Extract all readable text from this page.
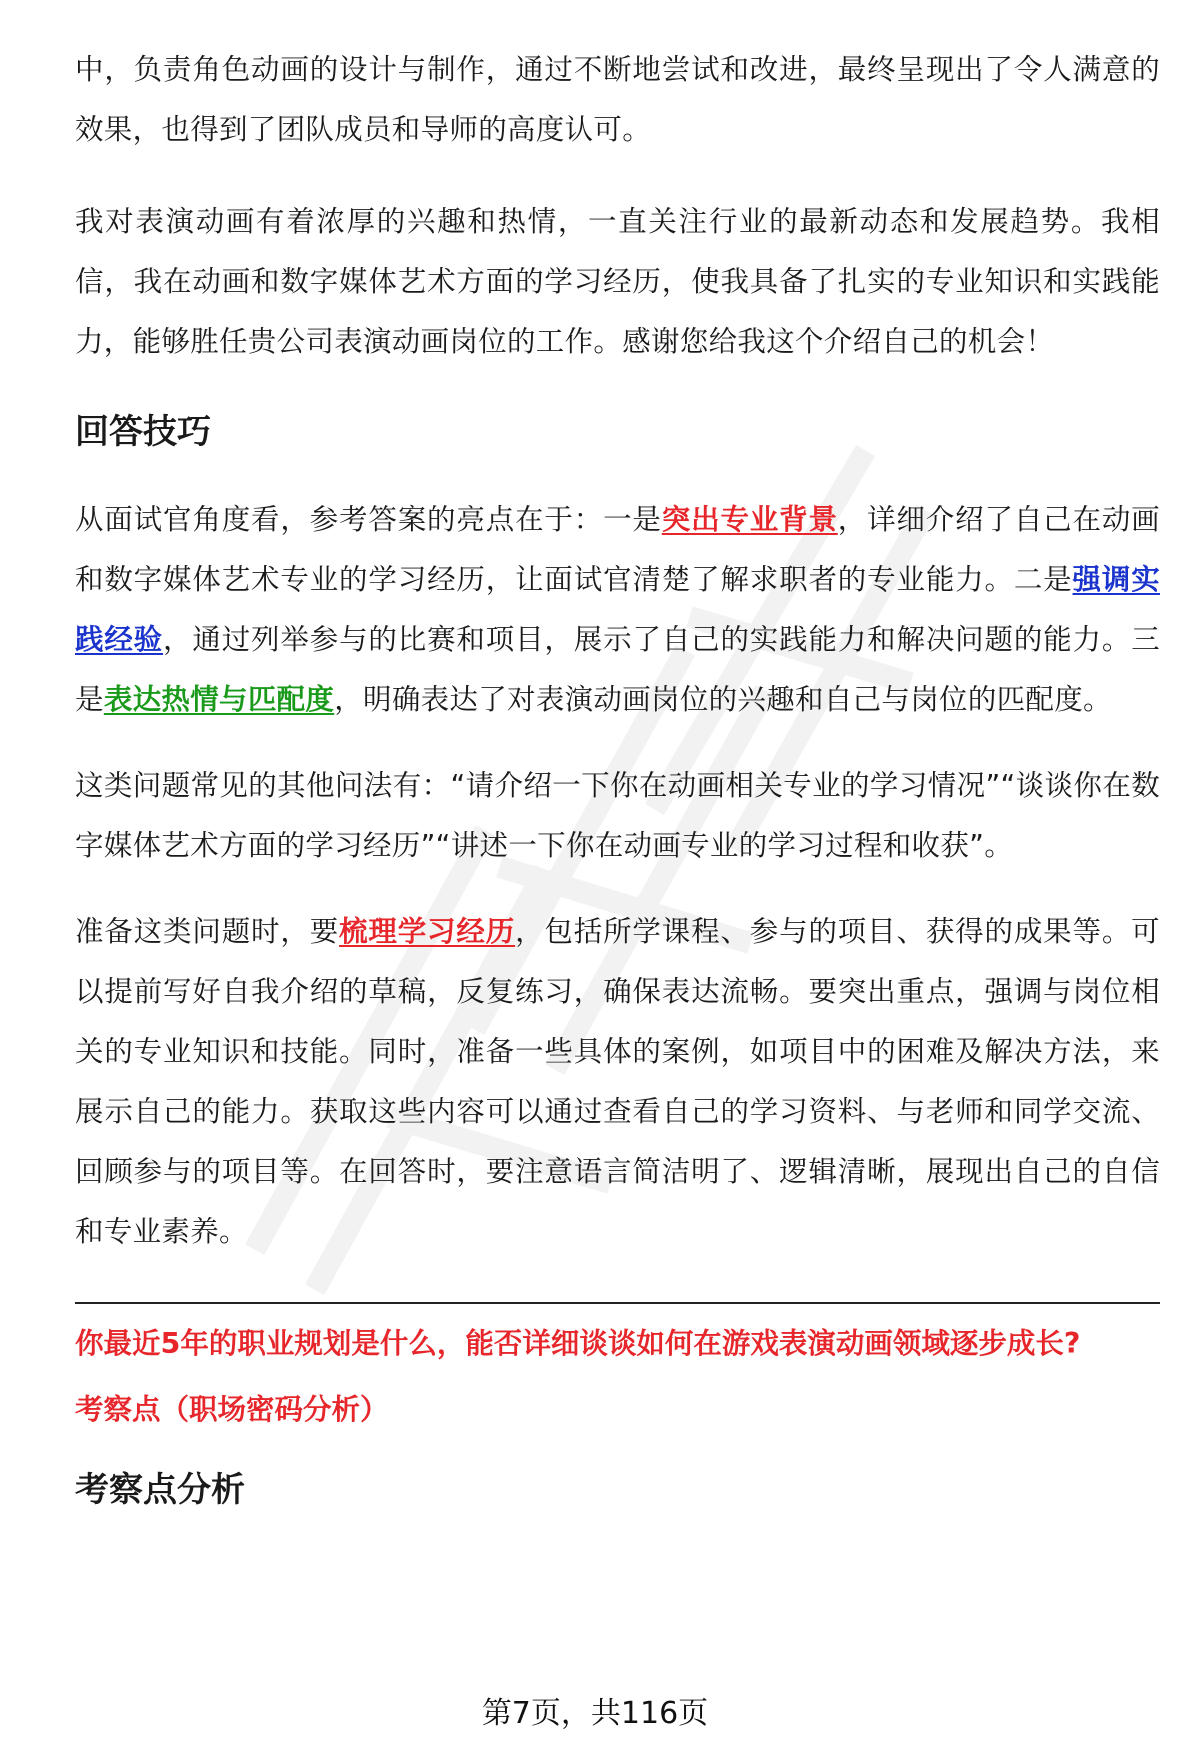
中，负责角色动画的设计与制作，通过不断地尝试和改进，最终呈现出了令人满意的效果，也得到了团队成员和导师的高度认可。

我对表演动画有着浓厚的兴趣和热情，一直关注行业的最新动态和发展趋势。我相信，我在动画和数字媒体艺术方面的学习经历，使我具备了扎实的专业知识和实践能力，能够胜任贵公司表演动画岗位的工作。感谢您给我这个介绍自己的机会！

回答技巧

从面试官角度看，参考答案的亮点在于：一是突出专业背景，详细介绍了自己在动画和数字媒体艺术专业的学习经历，让面试官清楚了解求职者的专业能力。二是强调实践经验，通过列举参与的比赛和项目，展示了自己的实践能力和解决问题的能力。三是表达热情与匹配度，明确表达了对表演动画岗位的兴趣和自己与岗位的匹配度。

这类问题常见的其他问法有：“请介绍一下你在动画相关专业的学习情况”“谈谈你在数字媒体艺术方面的学习经历”“讲述一下你在动画专业的学习过程和收获”。

准备这类问题时，要梳理学习经历，包括所学课程、参与的项目、获得的成果等。可以提前写好自我介绍的草稿，反复练习，确保表达流畅。要突出重点，强调与岗位相关的专业知识和技能。同时，准备一些具体的案例，如项目中的困难及解决方法，来展示自己的能力。获取这些内容可以通过查看自己的学习资料、与老师和同学交流、回顾参与的项目等。在回答时，要注意语言简洁明了、逻辑清晰，展现出自己的自信和专业素养。

你最近5年的职业规划是什么，能否详细谈谈如何在游戏表演动画领域逐步成长?

考察点（职场密码分析）

考察点分析
第7页，共116页
